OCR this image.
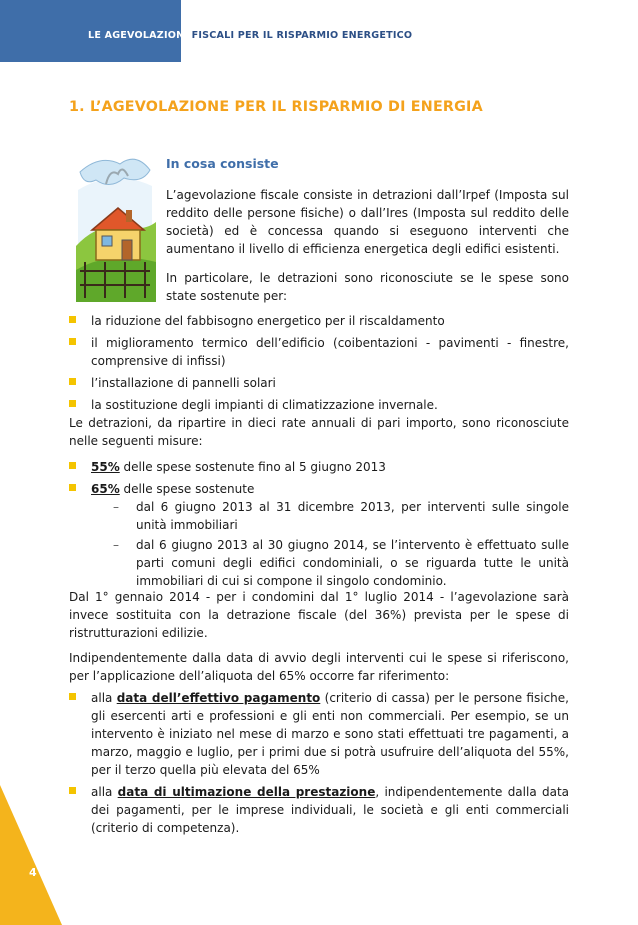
LE AGEVOLAZIONI FISCALI PER IL RISPARMIO ENERGETICO
1. L’AGEVOLAZIONE PER IL RISPARMIO DI ENERGIA
In cosa consiste

L’agevolazione fiscale consiste in detrazioni dall’Irpef (Imposta sul reddito delle persone fisiche) o dall’Ires (Imposta sul reddito delle società) ed è concessa quando si eseguono interventi che aumentano il livello di efficienza energetica degli edifici esistenti.

In particolare, le detrazioni sono riconosciute se le spese sono state sostenute per:

la riduzione del fabbisogno energetico per il riscaldamento
il miglioramento termico dell’edificio (coibentazioni - pavimenti - finestre, comprensive di infissi)
l’installazione di pannelli solari
la sostituzione degli impianti di climatizzazione invernale.

Le detrazioni, da ripartire in dieci rate annuali di pari importo, sono riconosciute nelle seguenti misure:

55% delle spese sostenute fino al 5 giugno 2013
65% delle spese sostenute
– dal 6 giugno 2013 al 31 dicembre 2013, per interventi sulle singole unità immobiliari
– dal 6 giugno 2013 al 30 giugno 2014, se l’intervento è effettuato sulle parti comuni degli edifici condominiali, o se riguarda tutte le unità immobiliari di cui si compone il singolo condominio.

Dal 1° gennaio 2014 - per i condomini dal 1° luglio 2014 - l’agevolazione sarà invece sostituita con la detrazione fiscale (del 36%) prevista per le spese di ristrutturazioni edilizie.

Indipendentemente dalla data di avvio degli interventi cui le spese si riferiscono, per l’applicazione dell’aliquota del 65% occorre far riferimento:

alla data dell’effettivo pagamento (criterio di cassa) per le persone fisiche, gli esercenti arti e professioni e gli enti non commerciali. Per esempio, se un intervento è iniziato nel mese di marzo e sono stati effettuati tre pagamenti, a marzo, maggio e luglio, per i primi due si potrà usufruire dell’aliquota del 55%, per il terzo quella più elevata del 65%
alla data di ultimazione della prestazione, indipendentemente dalla data dei pagamenti, per le imprese individuali, le società e gli enti commerciali (criterio di competenza).
4
